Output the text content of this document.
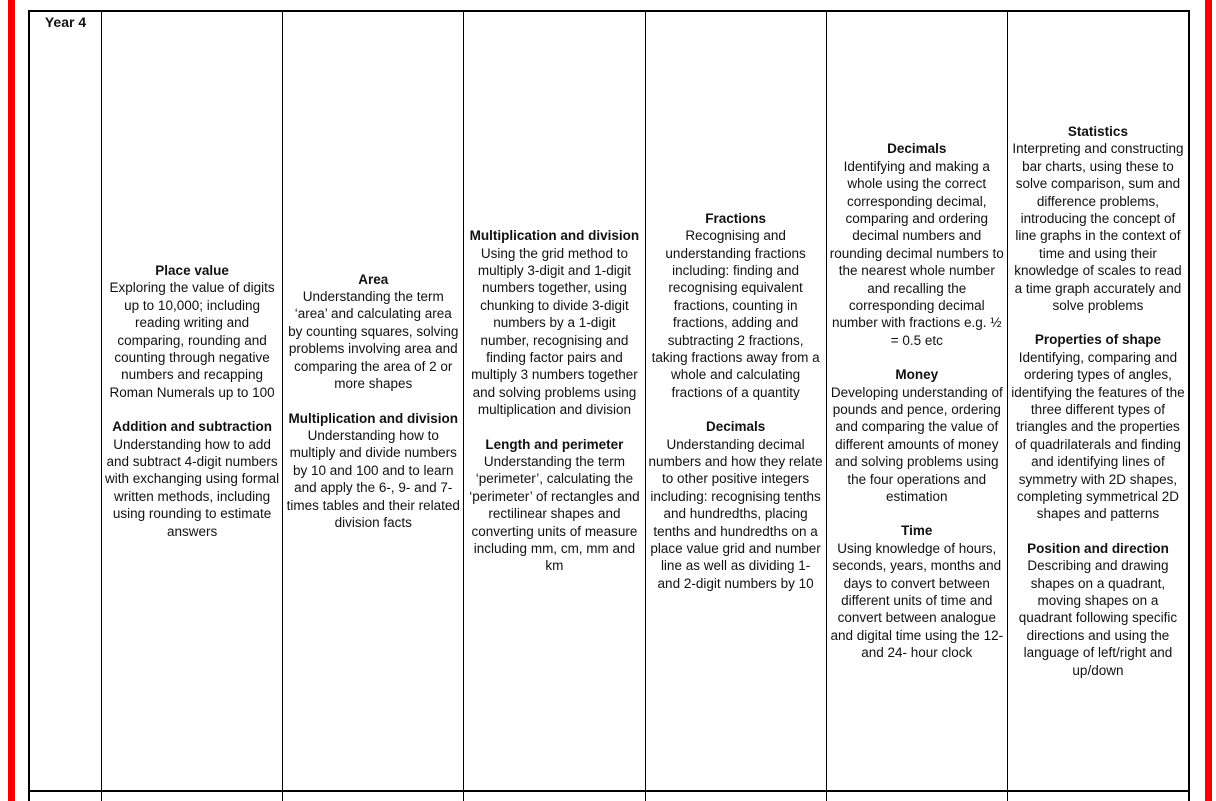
Year 4
Place value
Exploring the value of digits up to 10,000; including reading writing and comparing, rounding and counting through negative numbers and recapping Roman Numerals up to 100
Addition and subtraction
Understanding how to add and subtract 4-digit numbers with exchanging using formal written methods, including using rounding to estimate answers
Area
Understanding the term ‘area’ and calculating area by counting squares, solving problems involving area and comparing the area of 2 or more shapes
Multiplication and division
Understanding how to multiply and divide numbers by 10 and 100 and to learn and apply the 6-, 9- and 7-times tables and their related division facts
Multiplication and division
Using the grid method to multiply 3-digit and 1-digit numbers together, using chunking to divide 3-digit numbers by a 1-digit number, recognising and finding factor pairs and multiply 3 numbers together and solving problems using multiplication and division
Length and perimeter
Understanding the term ‘perimeter’, calculating the ‘perimeter’ of rectangles and rectilinear shapes and converting units of measure including mm, cm, mm and km
Fractions
Recognising and understanding fractions including: finding and recognising equivalent fractions, counting in fractions, adding and subtracting 2 fractions, taking fractions away from a whole and calculating fractions of a quantity
Decimals
Understanding decimal numbers and how they relate to other positive integers including: recognising tenths and hundredths, placing tenths and hundredths on a place value grid and number line as well as dividing 1- and 2-digit numbers by 10
Decimals
Identifying and making a whole using the correct corresponding decimal, comparing and ordering decimal numbers and rounding decimal numbers to the nearest whole number and recalling the corresponding decimal number with fractions e.g. ½ = 0.5 etc
Money
Developing understanding of pounds and pence, ordering and comparing the value of different amounts of money and solving problems using the four operations and estimation
Time
Using knowledge of hours, seconds, years, months and days to convert between different units of time and convert between analogue and digital time using the 12- and 24- hour clock
Statistics
Interpreting and constructing bar charts, using these to solve comparison, sum and difference problems, introducing the concept of line graphs in the context of time and using their knowledge of scales to read a time graph accurately and solve problems
Properties of shape
Identifying, comparing and ordering types of angles, identifying the features of the three different types of triangles and the properties of quadrilaterals and finding and identifying lines of symmetry with 2D shapes, completing symmetrical 2D shapes and patterns
Position and direction
Describing and drawing shapes on a quadrant, moving shapes on a quadrant following specific directions and using the language of left/right and up/down
